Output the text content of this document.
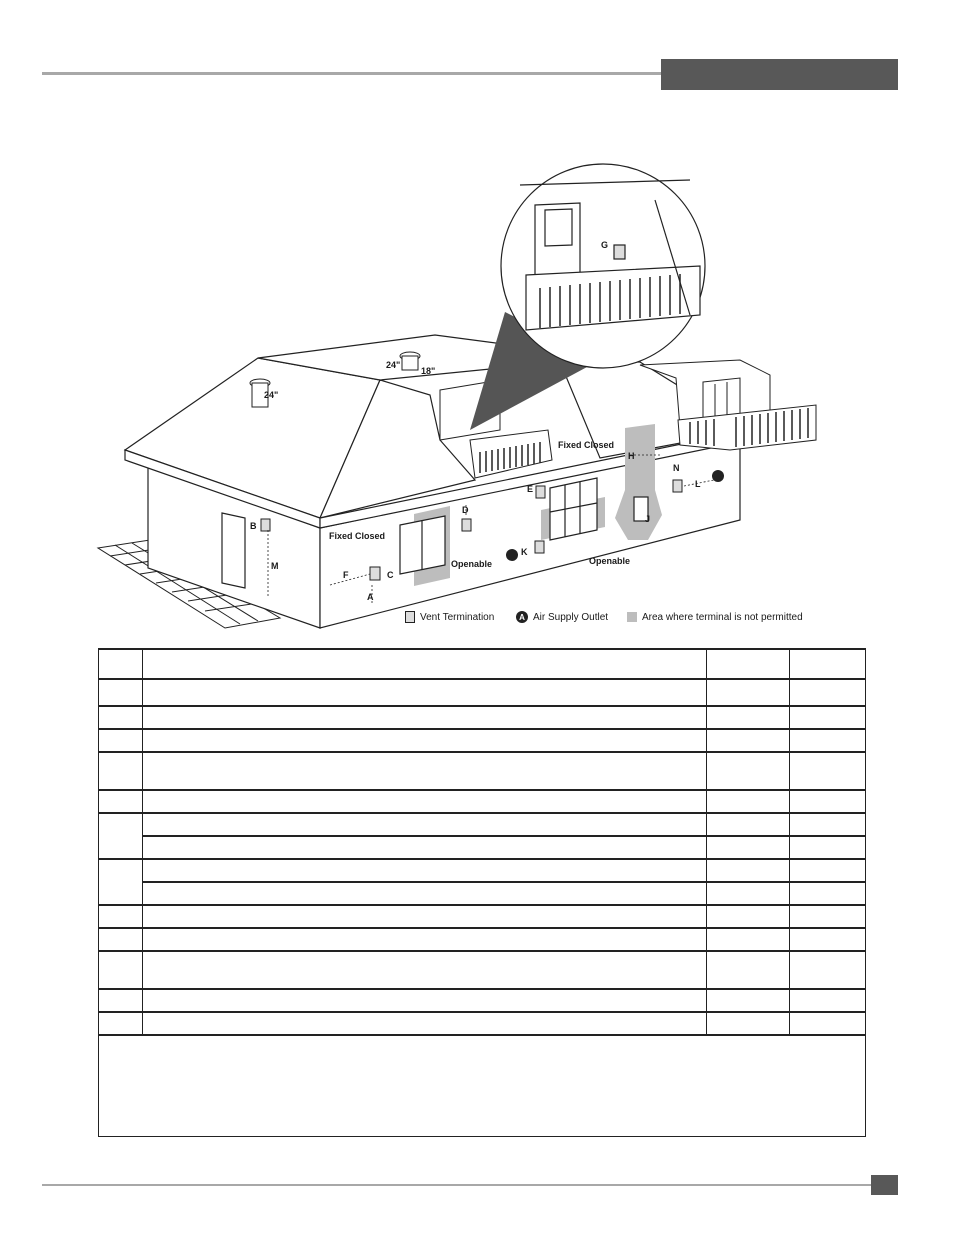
24"
24"
18"
Fixed Closed
Fixed Closed
Openable	Openable
A
B
C
D
E
F
G
H
J
K
L
M
N
Vent Termination	A Air Supply Outlet	Area where terminal is not permitted
